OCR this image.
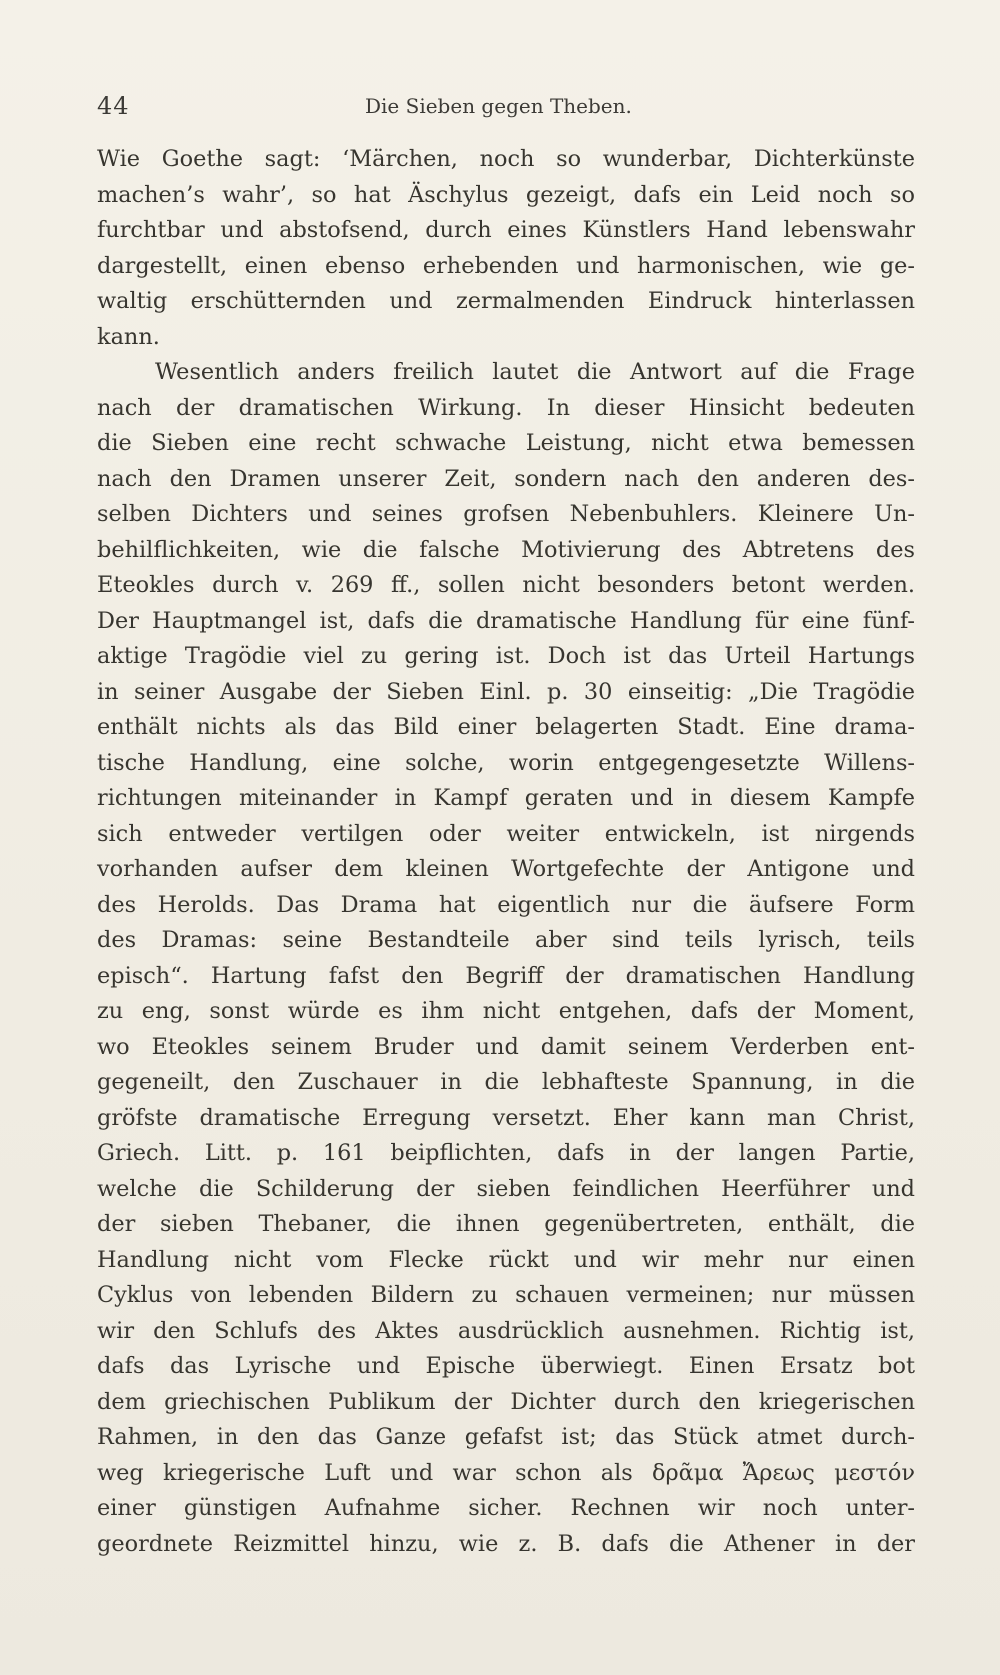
44	Die Sieben gegen Theben.
Wie Goethe sagt: ‘Märchen, noch so wunderbar, Dichterkünste
machen’s wahr’, so hat Äschylus gezeigt, dafs ein Leid noch so
furchtbar und abstofsend, durch eines Künstlers Hand lebenswahr
dargestellt, einen ebenso erhebenden und harmonischen, wie ge-
waltig erschütternden und zermalmenden Eindruck hinterlassen
kann.
Wesentlich anders freilich lautet die Antwort auf die Frage
nach der dramatischen Wirkung. In dieser Hinsicht bedeuten
die Sieben eine recht schwache Leistung, nicht etwa bemessen
nach den Dramen unserer Zeit, sondern nach den anderen des-
selben Dichters und seines grofsen Nebenbuhlers. Kleinere Un-
behilflichkeiten, wie die falsche Motivierung des Abtretens des
Eteokles durch v. 269 ff., sollen nicht besonders betont werden.
Der Hauptmangel ist, dafs die dramatische Handlung für eine fünf-
aktige Tragödie viel zu gering ist. Doch ist das Urteil Hartungs
in seiner Ausgabe der Sieben Einl. p. 30 einseitig: „Die Tragödie
enthält nichts als das Bild einer belagerten Stadt. Eine drama-
tische Handlung, eine solche, worin entgegengesetzte Willens-
richtungen miteinander in Kampf geraten und in diesem Kampfe
sich entweder vertilgen oder weiter entwickeln, ist nirgends
vorhanden aufser dem kleinen Wortgefechte der Antigone und
des Herolds. Das Drama hat eigentlich nur die äufsere Form
des Dramas: seine Bestandteile aber sind teils lyrisch, teils
episch“. Hartung fafst den Begriff der dramatischen Handlung
zu eng, sonst würde es ihm nicht entgehen, dafs der Moment,
wo Eteokles seinem Bruder und damit seinem Verderben ent-
gegeneilt, den Zuschauer in die lebhafteste Spannung, in die
gröfste dramatische Erregung versetzt. Eher kann man Christ,
Griech. Litt. p. 161 beipflichten, dafs in der langen Partie,
welche die Schilderung der sieben feindlichen Heerführer und
der sieben Thebaner, die ihnen gegenübertreten, enthält, die
Handlung nicht vom Flecke rückt und wir mehr nur einen
Cyklus von lebenden Bildern zu schauen vermeinen; nur müssen
wir den Schlufs des Aktes ausdrücklich ausnehmen. Richtig ist,
dafs das Lyrische und Epische überwiegt. Einen Ersatz bot
dem griechischen Publikum der Dichter durch den kriegerischen
Rahmen, in den das Ganze gefafst ist; das Stück atmet durch-
weg kriegerische Luft und war schon als δρᾶμα Ἄρεως μεστόν
einer günstigen Aufnahme sicher. Rechnen wir noch unter-
geordnete Reizmittel hinzu, wie z. B. dafs die Athener in der
